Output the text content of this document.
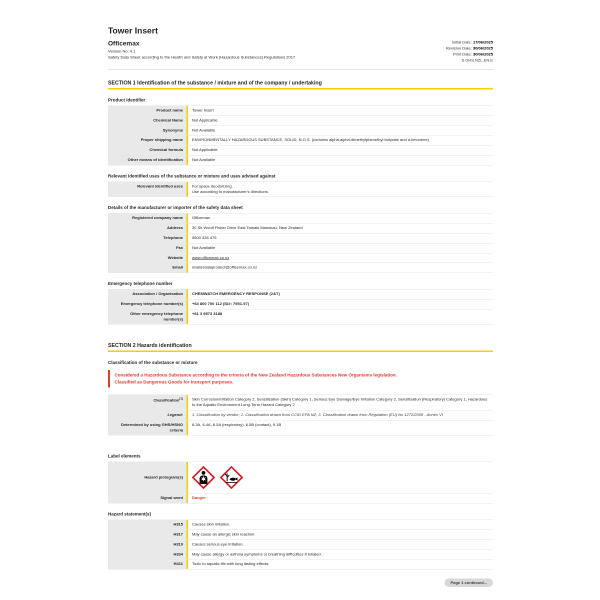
Tower Insert
Officemax
Version No: 4.1
Safety Data Sheet according to the Health and Safety at Work (Hazardous Substances) Regulations 2017
Initial Date: 17/06/2025
Revision Date: 30/06/2025
Print Date: 30/06/2025
S.GHS.NZL.EN.E
SECTION 1 Identification of the substance / mixture and of the company / undertaking
Product Identifier
Product name	Tower Insert
Chemical Name	Not Applicable
Synonyms	Not Available
Proper shipping name	ENVIRONMENTALLY HAZARDOUS SUBSTANCE, SOLID, N.O.S. (contains alpha,alpha-dimethylphenethyl butyrate and d-limonene)
Chemical formula	Not Applicable
Other means of identification	Not Available
Relevant identified uses of the substance or mixture and uses advised against
Relevant identified uses	For space deodorizing.
Use according to manufacturer's directions.
Details of the manufacturer or importer of the safety data sheet
Registered company name	Officemax
Address	30 Sir Woolf Fisher Drive East Tamaki Manukau, New Zealand
Telephone	0800 426 475
Fax	Not Available
Website	www.officemax.co.nz
Email	masterdataproduct@officemax.co.nz
Emergency telephone number
Association / Organisation	CHEMWATCH EMERGENCY RESPONSE (24/7)
Emergency telephone number(s)	+64 800 700 112 (ID#: 7951-97)
Other emergency telephone number(s)
+61 3 9573 3188
SECTION 2 Hazards identification
Classification of the substance or mixture
Considered a Hazardous Substance according to the criteria of the New Zealand Hazardous Substances New Organisms legislation.
Classified as Dangerous Goods for transport purposes.
Classification[1]	Skin Corrosion/Irritation Category 2, Sensitisation (Skin) Category 1, Serious Eye Damage/Eye Irritation Category 2, Sensitisation (Respiratory) Category 1, Hazardous to the Aquatic Environment Long-Term Hazard Category 2
Legend:	1. Classification by vendor; 2. Classification drawn from CCID EPA NZ; 3. Classification drawn from Regulation (EU) No 1272/2008 - Annex VI
Determined by using GHS/HSNO criteria
6.3A, 6.4A, 6.5A (respiratory), 6.5B (contact), 9.1B
Label elements
Hazard pictogram(s)
Signal word	Danger
Hazard statement(s)
H315	Causes skin irritation.
H317	May cause an allergic skin reaction.
H319	Causes serious eye irritation.
H334	May cause allergy or asthma symptoms or breathing difficulties if inhaled.
H411	Toxic to aquatic life with long lasting effects.
Page 1 continued...
